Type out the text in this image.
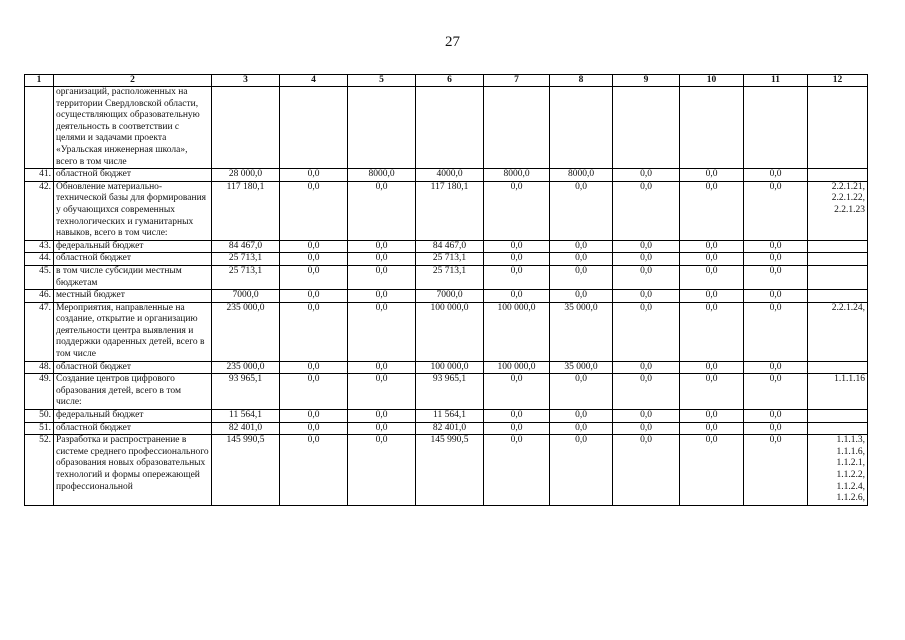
27
1	2	3	4	5	6	7	8	9	10	11	12
	организаций, расположенных на территории Свердловской области, осуществляющих образовательную деятельность в соответствии с целями и задачами проекта «Уральская инженерная школа», всего в том числе										
41.	областной бюджет	28 000,0	0,0	8000,0	4000,0	8000,0	8000,0	0,0	0,0	0,0	
42.	Обновление материально-технической базы для формирования у обучающихся современных технологических и гуманитарных навыков, всего в том числе:	117 180,1	0,0	0,0	117 180,1	0,0	0,0	0,0	0,0	0,0	2.2.1.21, 2.2.1.22, 2.2.1.23
43.	федеральный бюджет	84 467,0	0,0	0,0	84 467,0	0,0	0,0	0,0	0,0	0,0	
44.	областной бюджет	25 713,1	0,0	0,0	25 713,1	0,0	0,0	0,0	0,0	0,0	
45.	в том числе субсидии местным бюджетам	25 713,1	0,0	0,0	25 713,1	0,0	0,0	0,0	0,0	0,0	
46.	местный бюджет	7000,0	0,0	0,0	7000,0	0,0	0,0	0,0	0,0	0,0	
47.	Мероприятия, направленные на создание, открытие и организацию деятельности центра выявления и поддержки одаренных детей, всего в том числе	235 000,0	0,0	0,0	100 000,0	100 000,0	35 000,0	0,0	0,0	0,0	2.2.1.24,
48.	областной бюджет	235 000,0	0,0	0,0	100 000,0	100 000,0	35 000,0	0,0	0,0	0,0	
49.	Создание центров цифрового образования детей, всего в том числе:	93 965,1	0,0	0,0	93 965,1	0,0	0,0	0,0	0,0	0,0	1.1.1.16
50.	федеральный бюджет	11 564,1	0,0	0,0	11 564,1	0,0	0,0	0,0	0,0	0,0	
51.	областной бюджет	82 401,0	0,0	0,0	82 401,0	0,0	0,0	0,0	0,0	0,0	
52.	Разработка и распространение в системе среднего профессионального образования новых образовательных технологий и формы опережающей профессиональной	145 990,5	0,0	0,0	145 990,5	0,0	0,0	0,0	0,0	0,0	1.1.1.3, 1.1.1.6, 1.1.2.1, 1.1.2.2, 1.1.2.4, 1.1.2.6,
